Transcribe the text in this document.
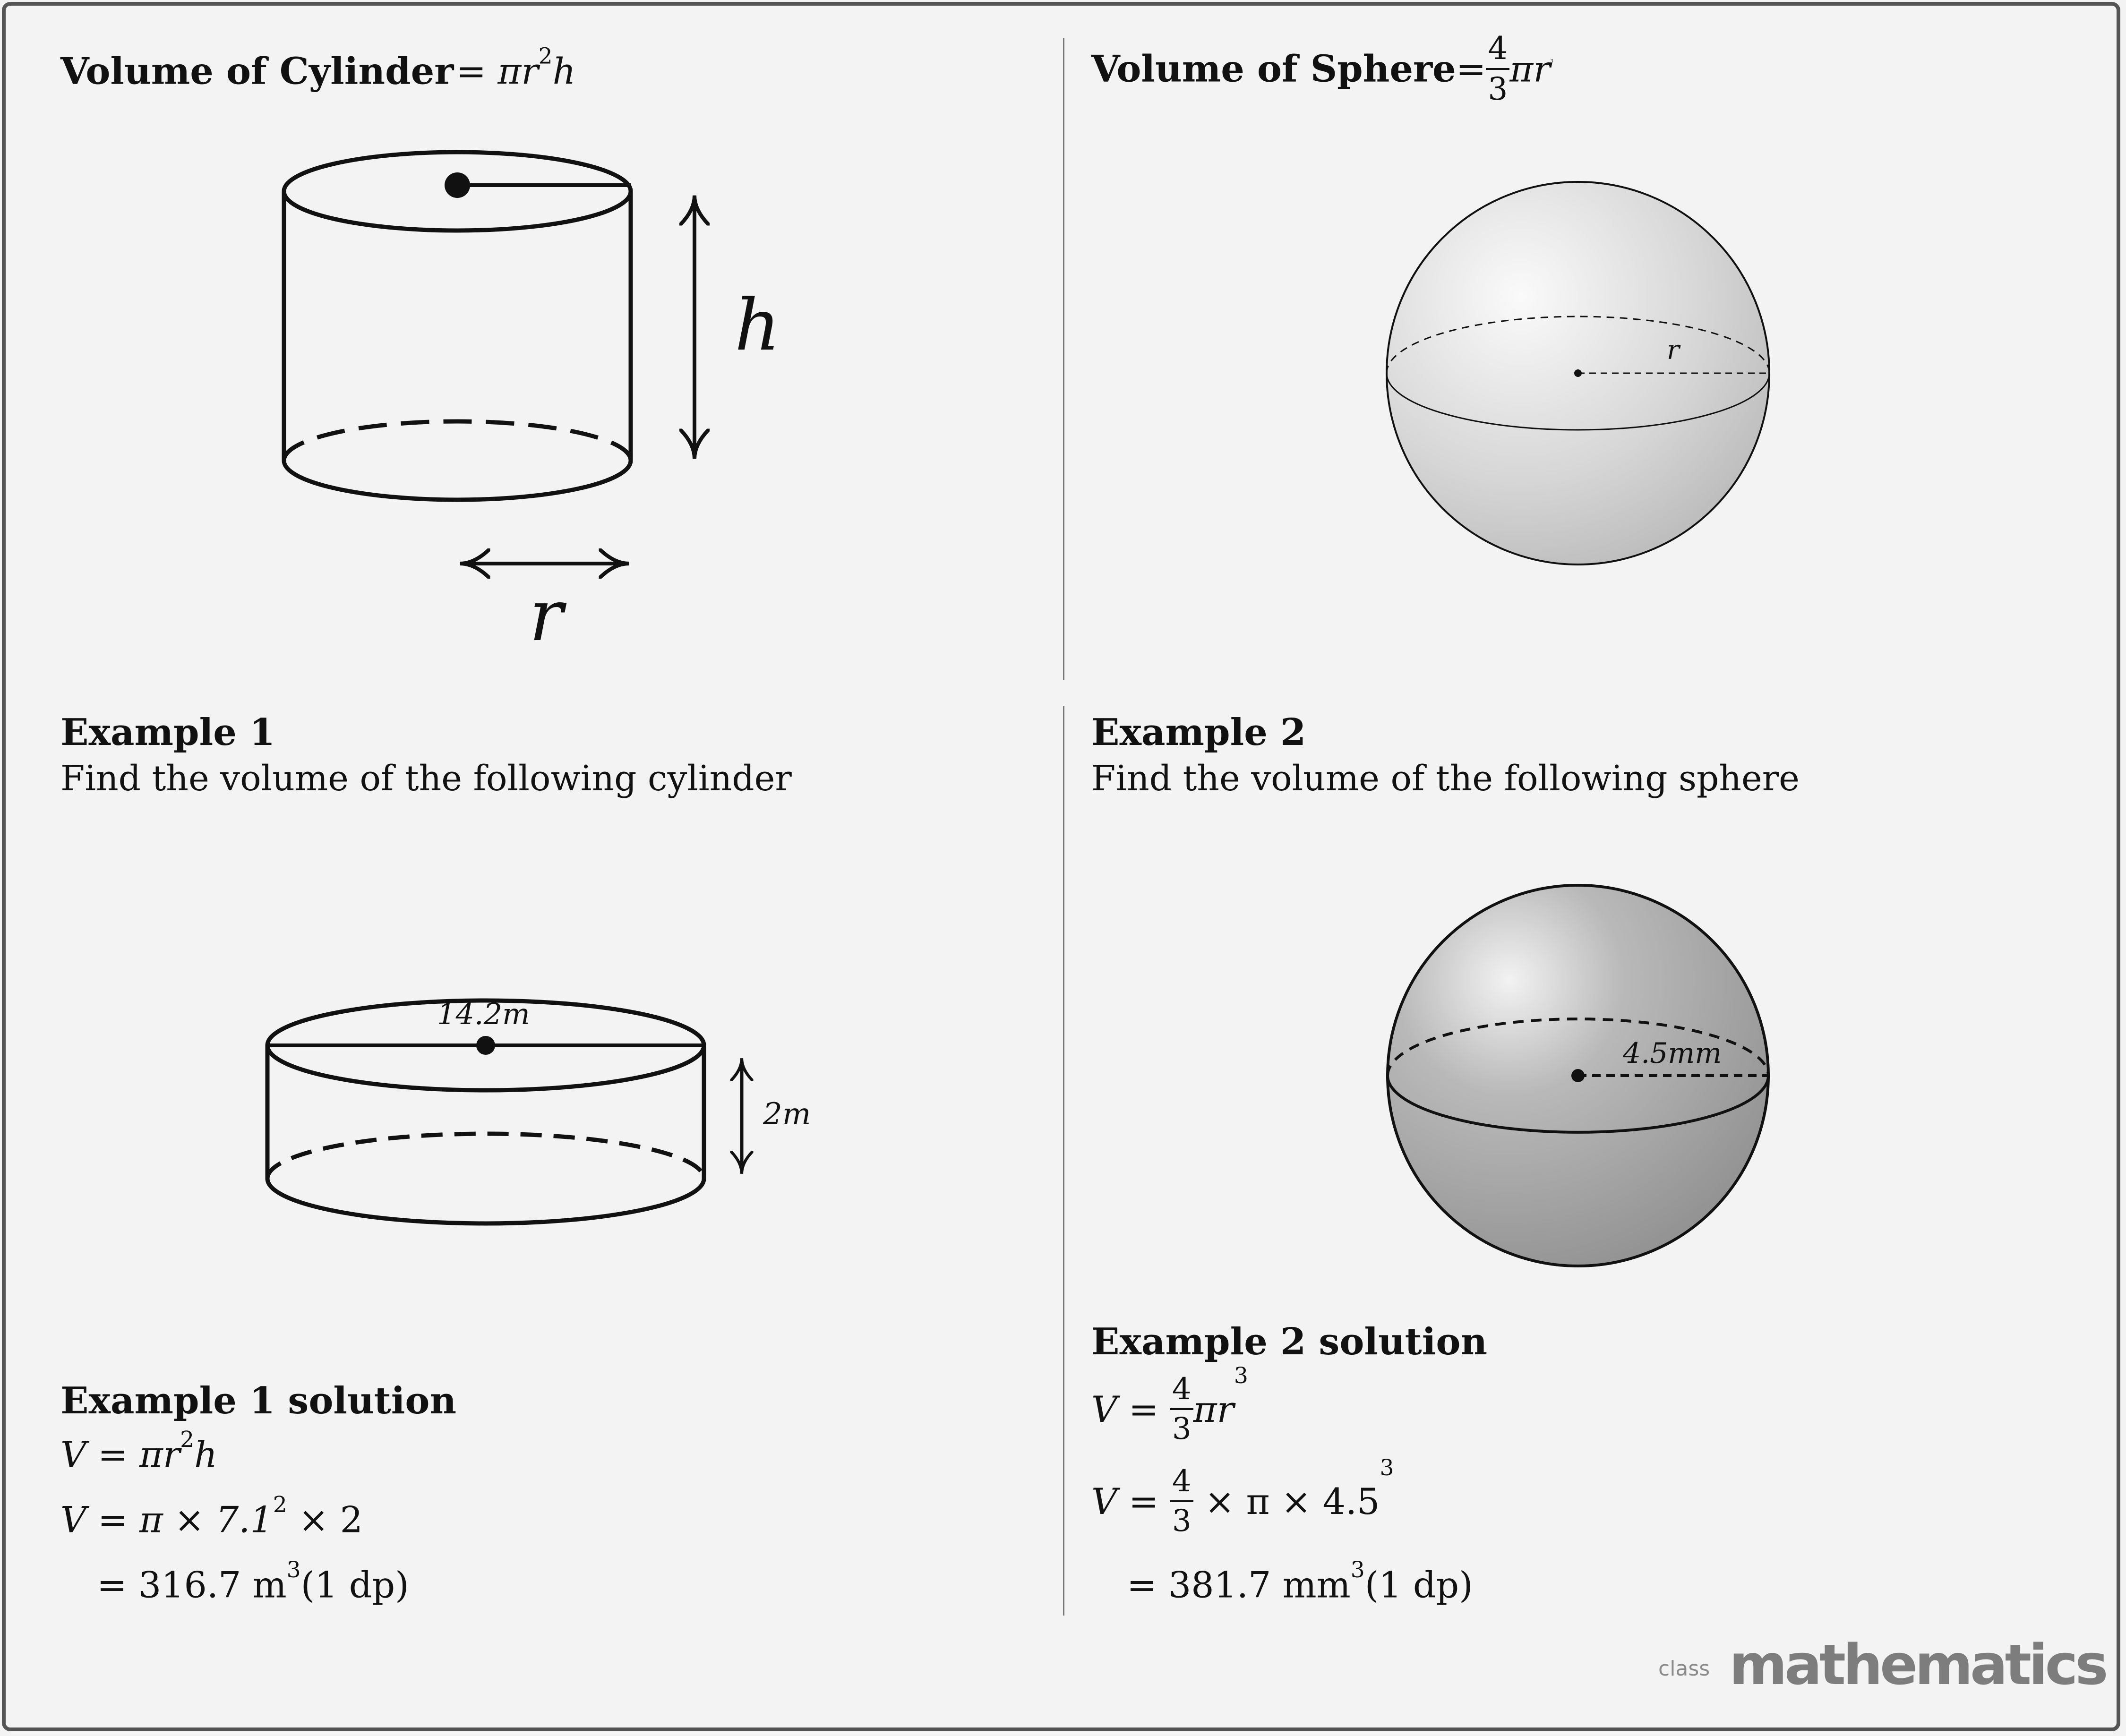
Volume of Cylinder = $\pi r^2h$
h
r
Volume of Sphere= $\frac{4}{3} \pi r^3$
r
Example 1
Find the volume of the following cylinder
14.2m
2m
Example 2
Find the volume of the following sphere
4.5mm
Example 1 solution
$V = \pi r^2h$
$V = \pi \times 7.1^2 \times 2$
= 316.7 $m^3(1$ dp)
Example 2 solution
$V = \frac{4}{3} \pi r^3$
$V = \frac{4}{3} \times \pi \times 4.5^3$
= 381.7 $mm^3(1$ dp)
class mathematics
